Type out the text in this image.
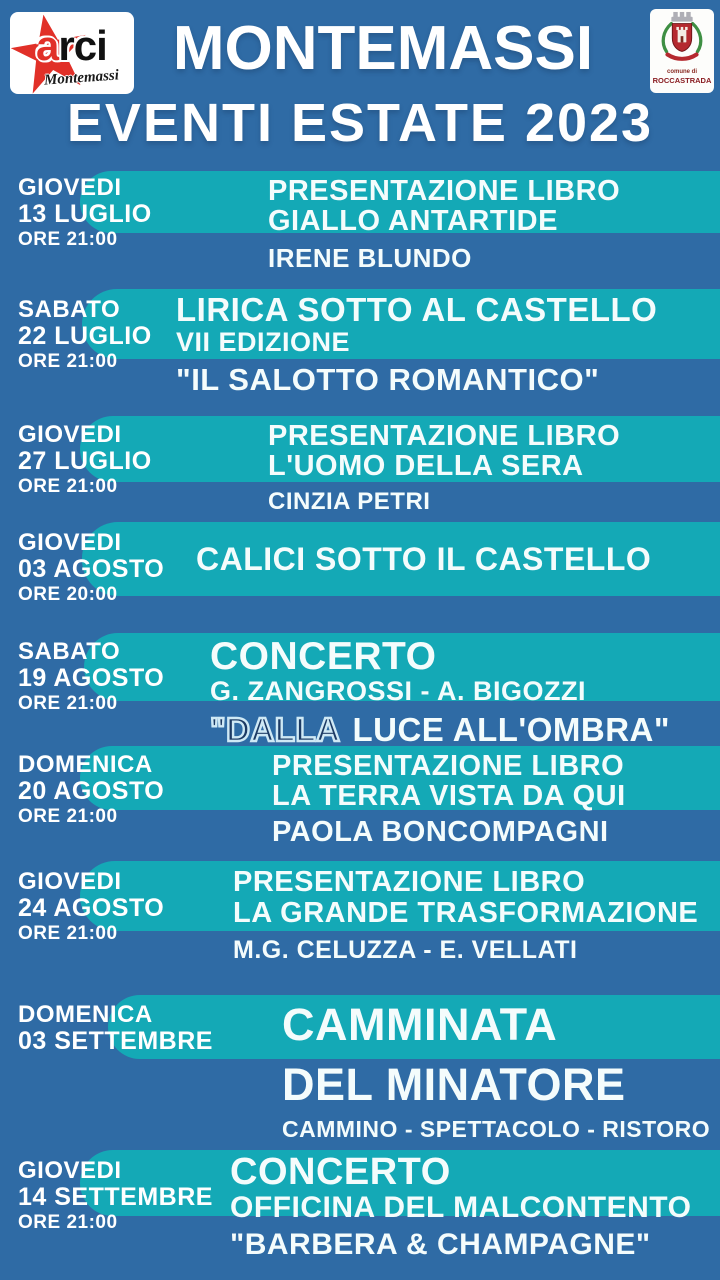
arci
Montemassi MONTEMASSI	comune di
ROCCASTRADA
EVENTI ESTATE 2023
GIOVEDI
13 LUGLIO
ORE 21:00
PRESENTAZIONE LIBRO
GIALLO ANTARTIDE
IRENE BLUNDO
SABATO
22 LUGLIO
ORE 21:00
LIRICA SOTTO AL CASTELLO
VII EDIZIONE
"IL SALOTTO ROMANTICO"
GIOVEDI
27 LUGLIO
ORE 21:00
PRESENTAZIONE LIBRO
L'UOMO DELLA SERA
CINZIA PETRI
GIOVEDI
03 AGOSTO
ORE 20:00
CALICI SOTTO IL CASTELLO
SABATO
19 AGOSTO
ORE 21:00
CONCERTO
G. ZANGROSSI - A. BIGOZZI
"DALLA LUCE ALL'OMBRA"
DOMENICA
20 AGOSTO
ORE 21:00
PRESENTAZIONE LIBRO
LA TERRA VISTA DA QUI
PAOLA BONCOMPAGNI
GIOVEDI
24 AGOSTO
ORE 21:00
PRESENTAZIONE LIBRO
LA GRANDE TRASFORMAZIONE
M.G. CELUZZA - E. VELLATI
DOMENICA
03 SETTEMBRE CAMMINATA
DEL MINATORE
CAMMINO - SPETTACOLO - RISTORO
GIOVEDI
14 SETTEMBRE
ORE 21:00
CONCERTO
OFFICINA DEL MALCONTENTO
"BARBERA & CHAMPAGNE"
